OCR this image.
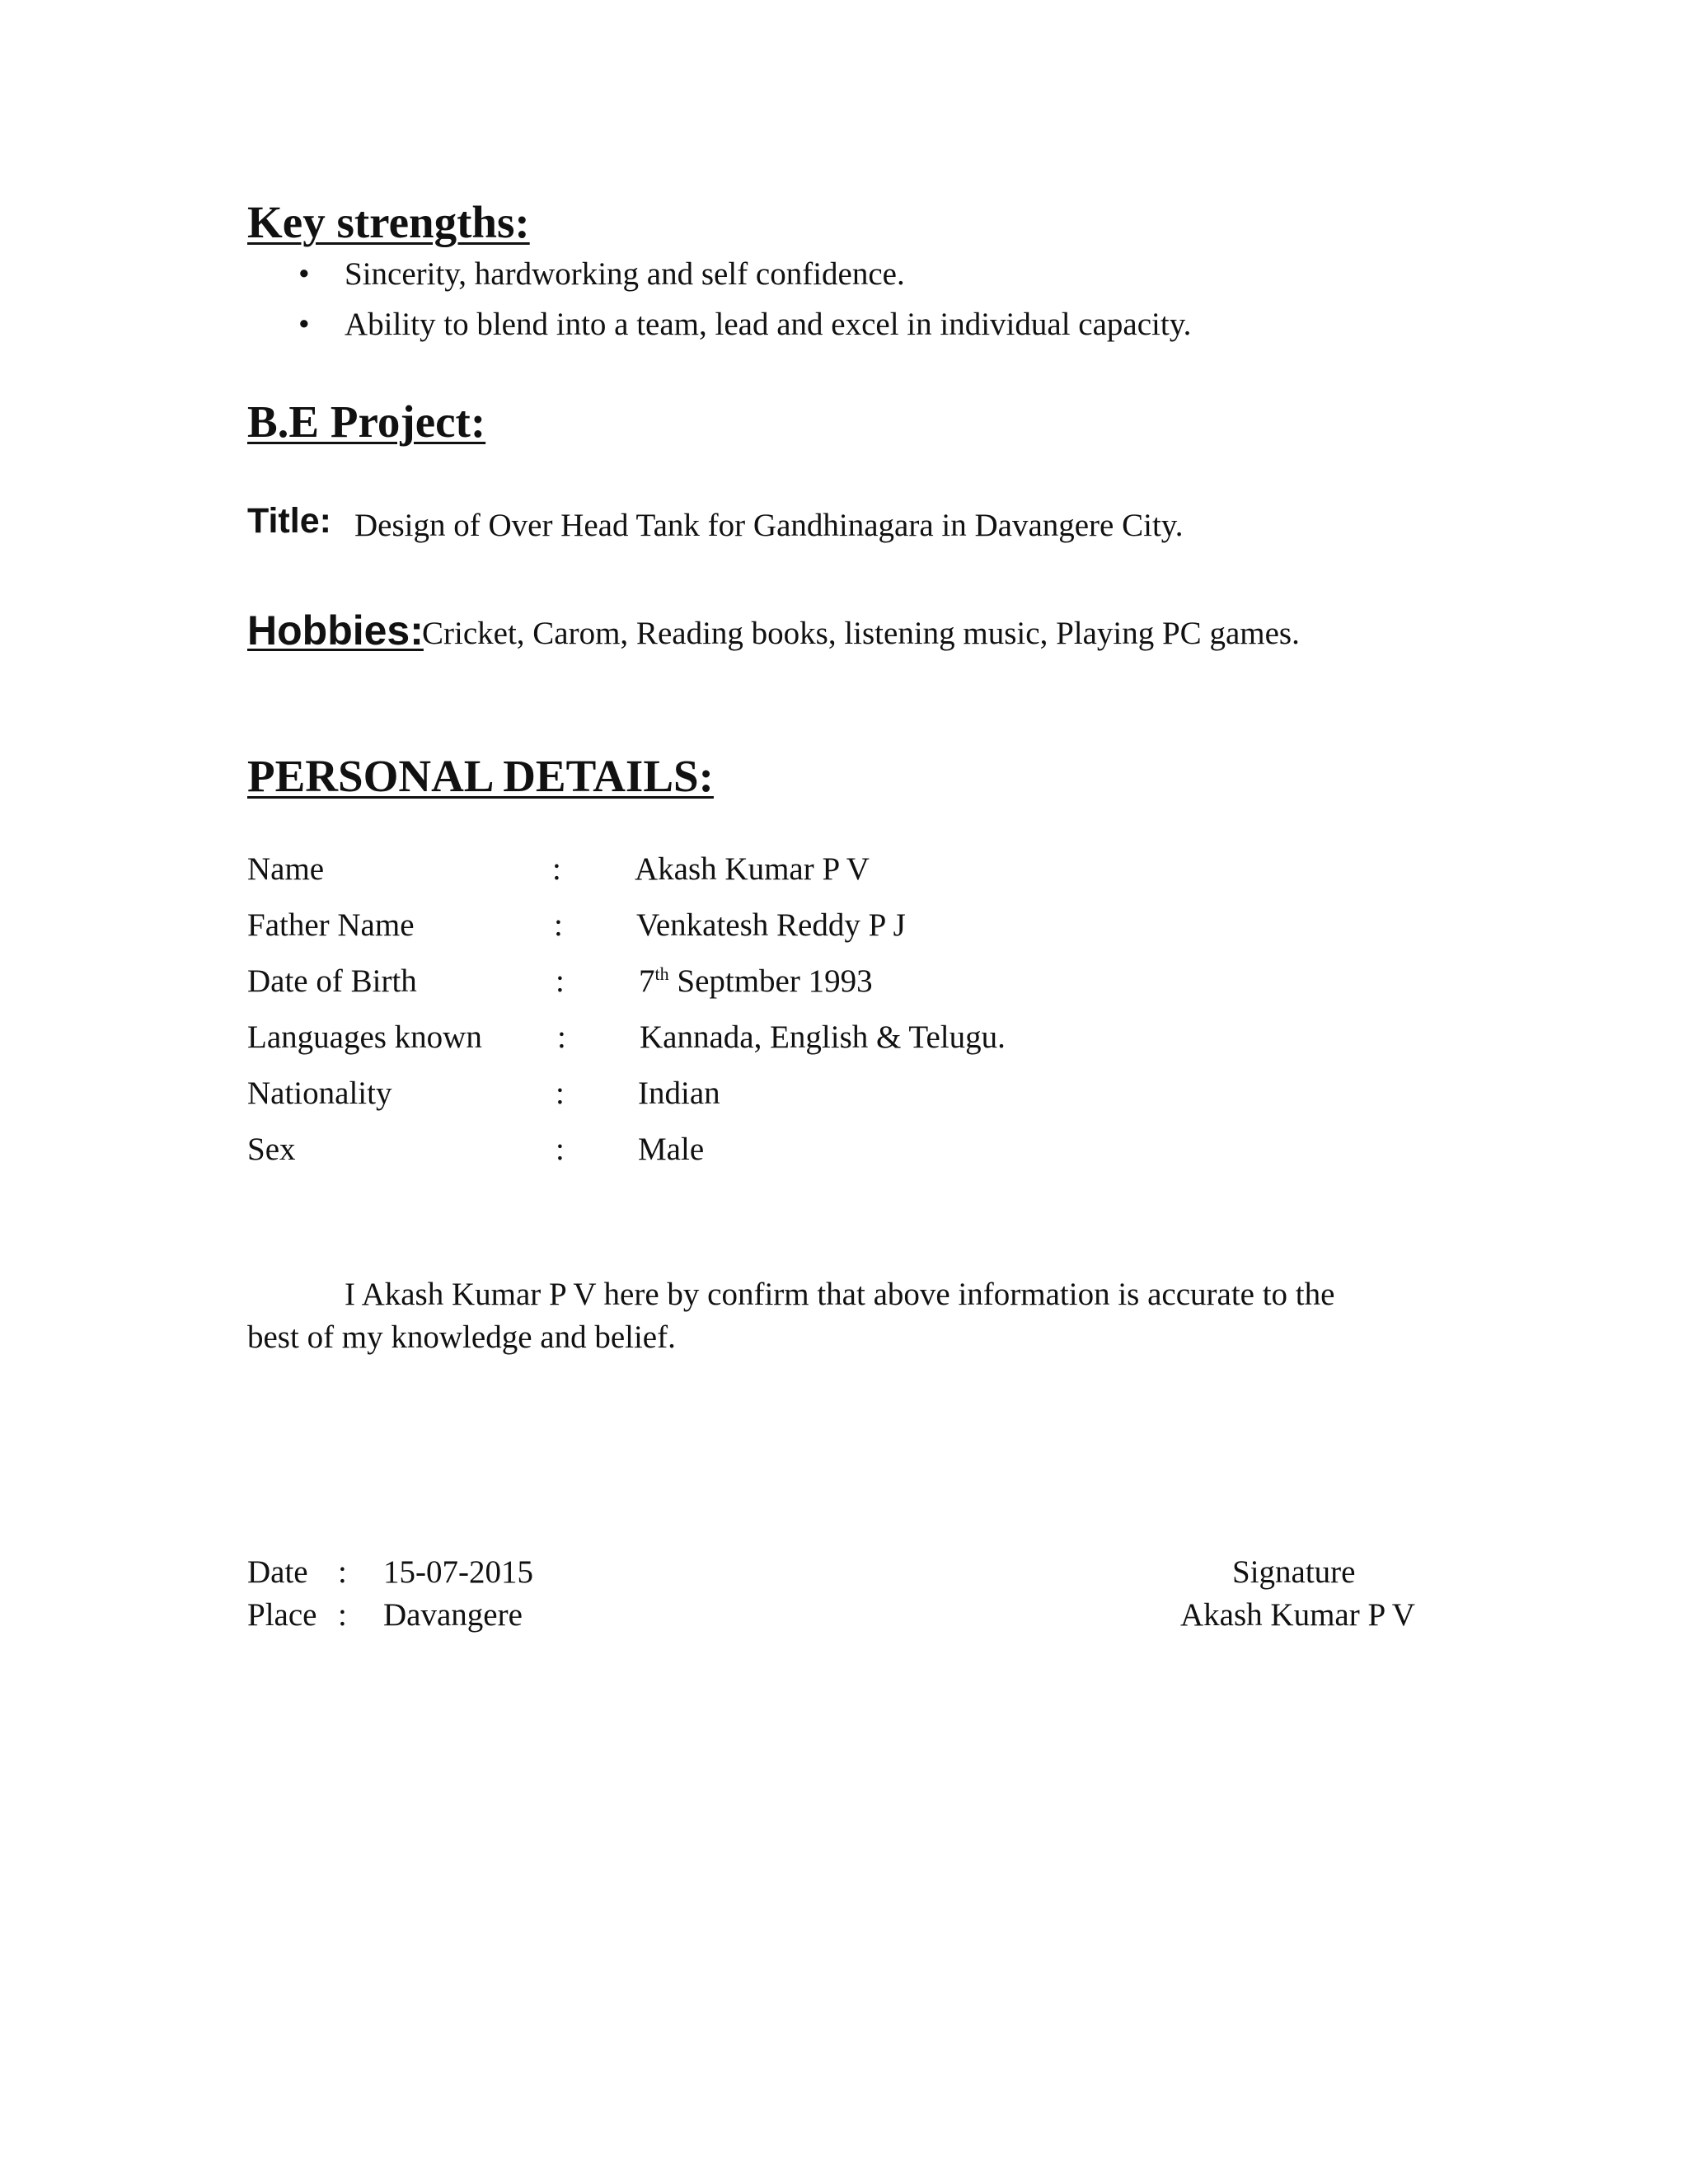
Key strengths:
• Sincerity, hardworking and self confidence.
• Ability to blend into a team, lead and excel in individual capacity.
B.E Project:
Title: Design of Over Head Tank for Gandhinagara in Davangere City.
Hobbies:
Cricket, Carom, Reading books, listening music, Playing PC games.
PERSONAL DETAILS:
Name	: Akash Kumar P V
Father Name	: Venkatesh Reddy P J
Date of Birth	: 7th Septmber 1993
Languages known : Kannada, English & Telugu.
Nationality	: Indian
Sex	: Male
I Akash Kumar P V here by confirm that above information is accurate to the
best of my knowledge and belief.
Date : 15-07-2015
Place : Davangere
Signature
Akash Kumar P V
